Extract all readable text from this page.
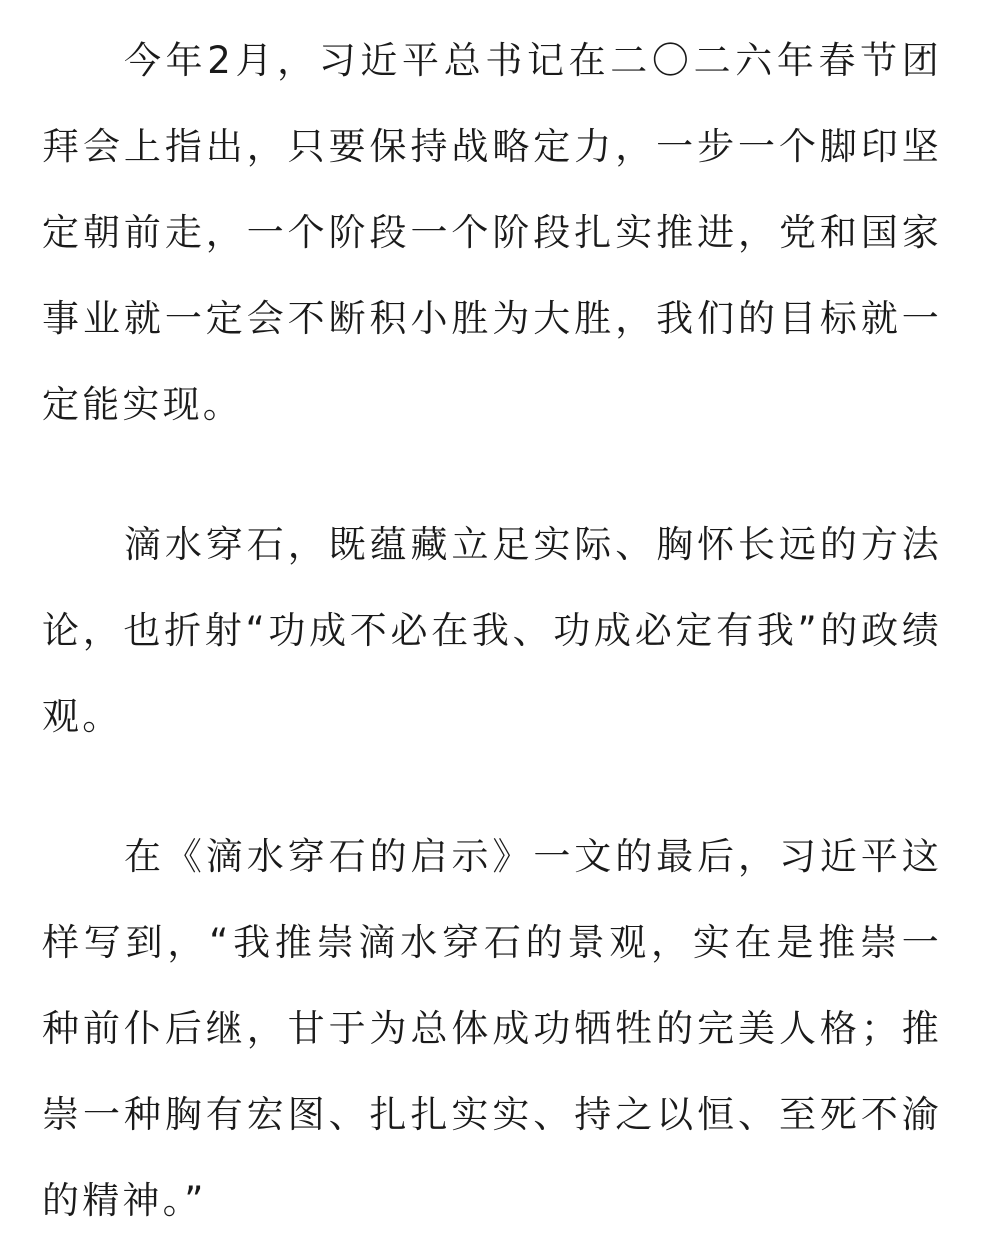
今年2月，习近平总书记在二〇二六年春节团拜会上指出，只要保持战略定力，一步一个脚印坚定朝前走，一个阶段一个阶段扎实推进，党和国家事业就一定会不断积小胜为大胜，我们的目标就一定能实现。

滴水穿石，既蕴藏立足实际、胸怀长远的方法论，也折射“功成不必在我、功成必定有我”的政绩观。

在《滴水穿石的启示》一文的最后，习近平这样写到，“我推崇滴水穿石的景观，实在是推崇一种前仆后继，甘于为总体成功牺牲的完美人格；推崇一种胸有宏图、扎扎实实、持之以恒、至死不渝的精神。”
